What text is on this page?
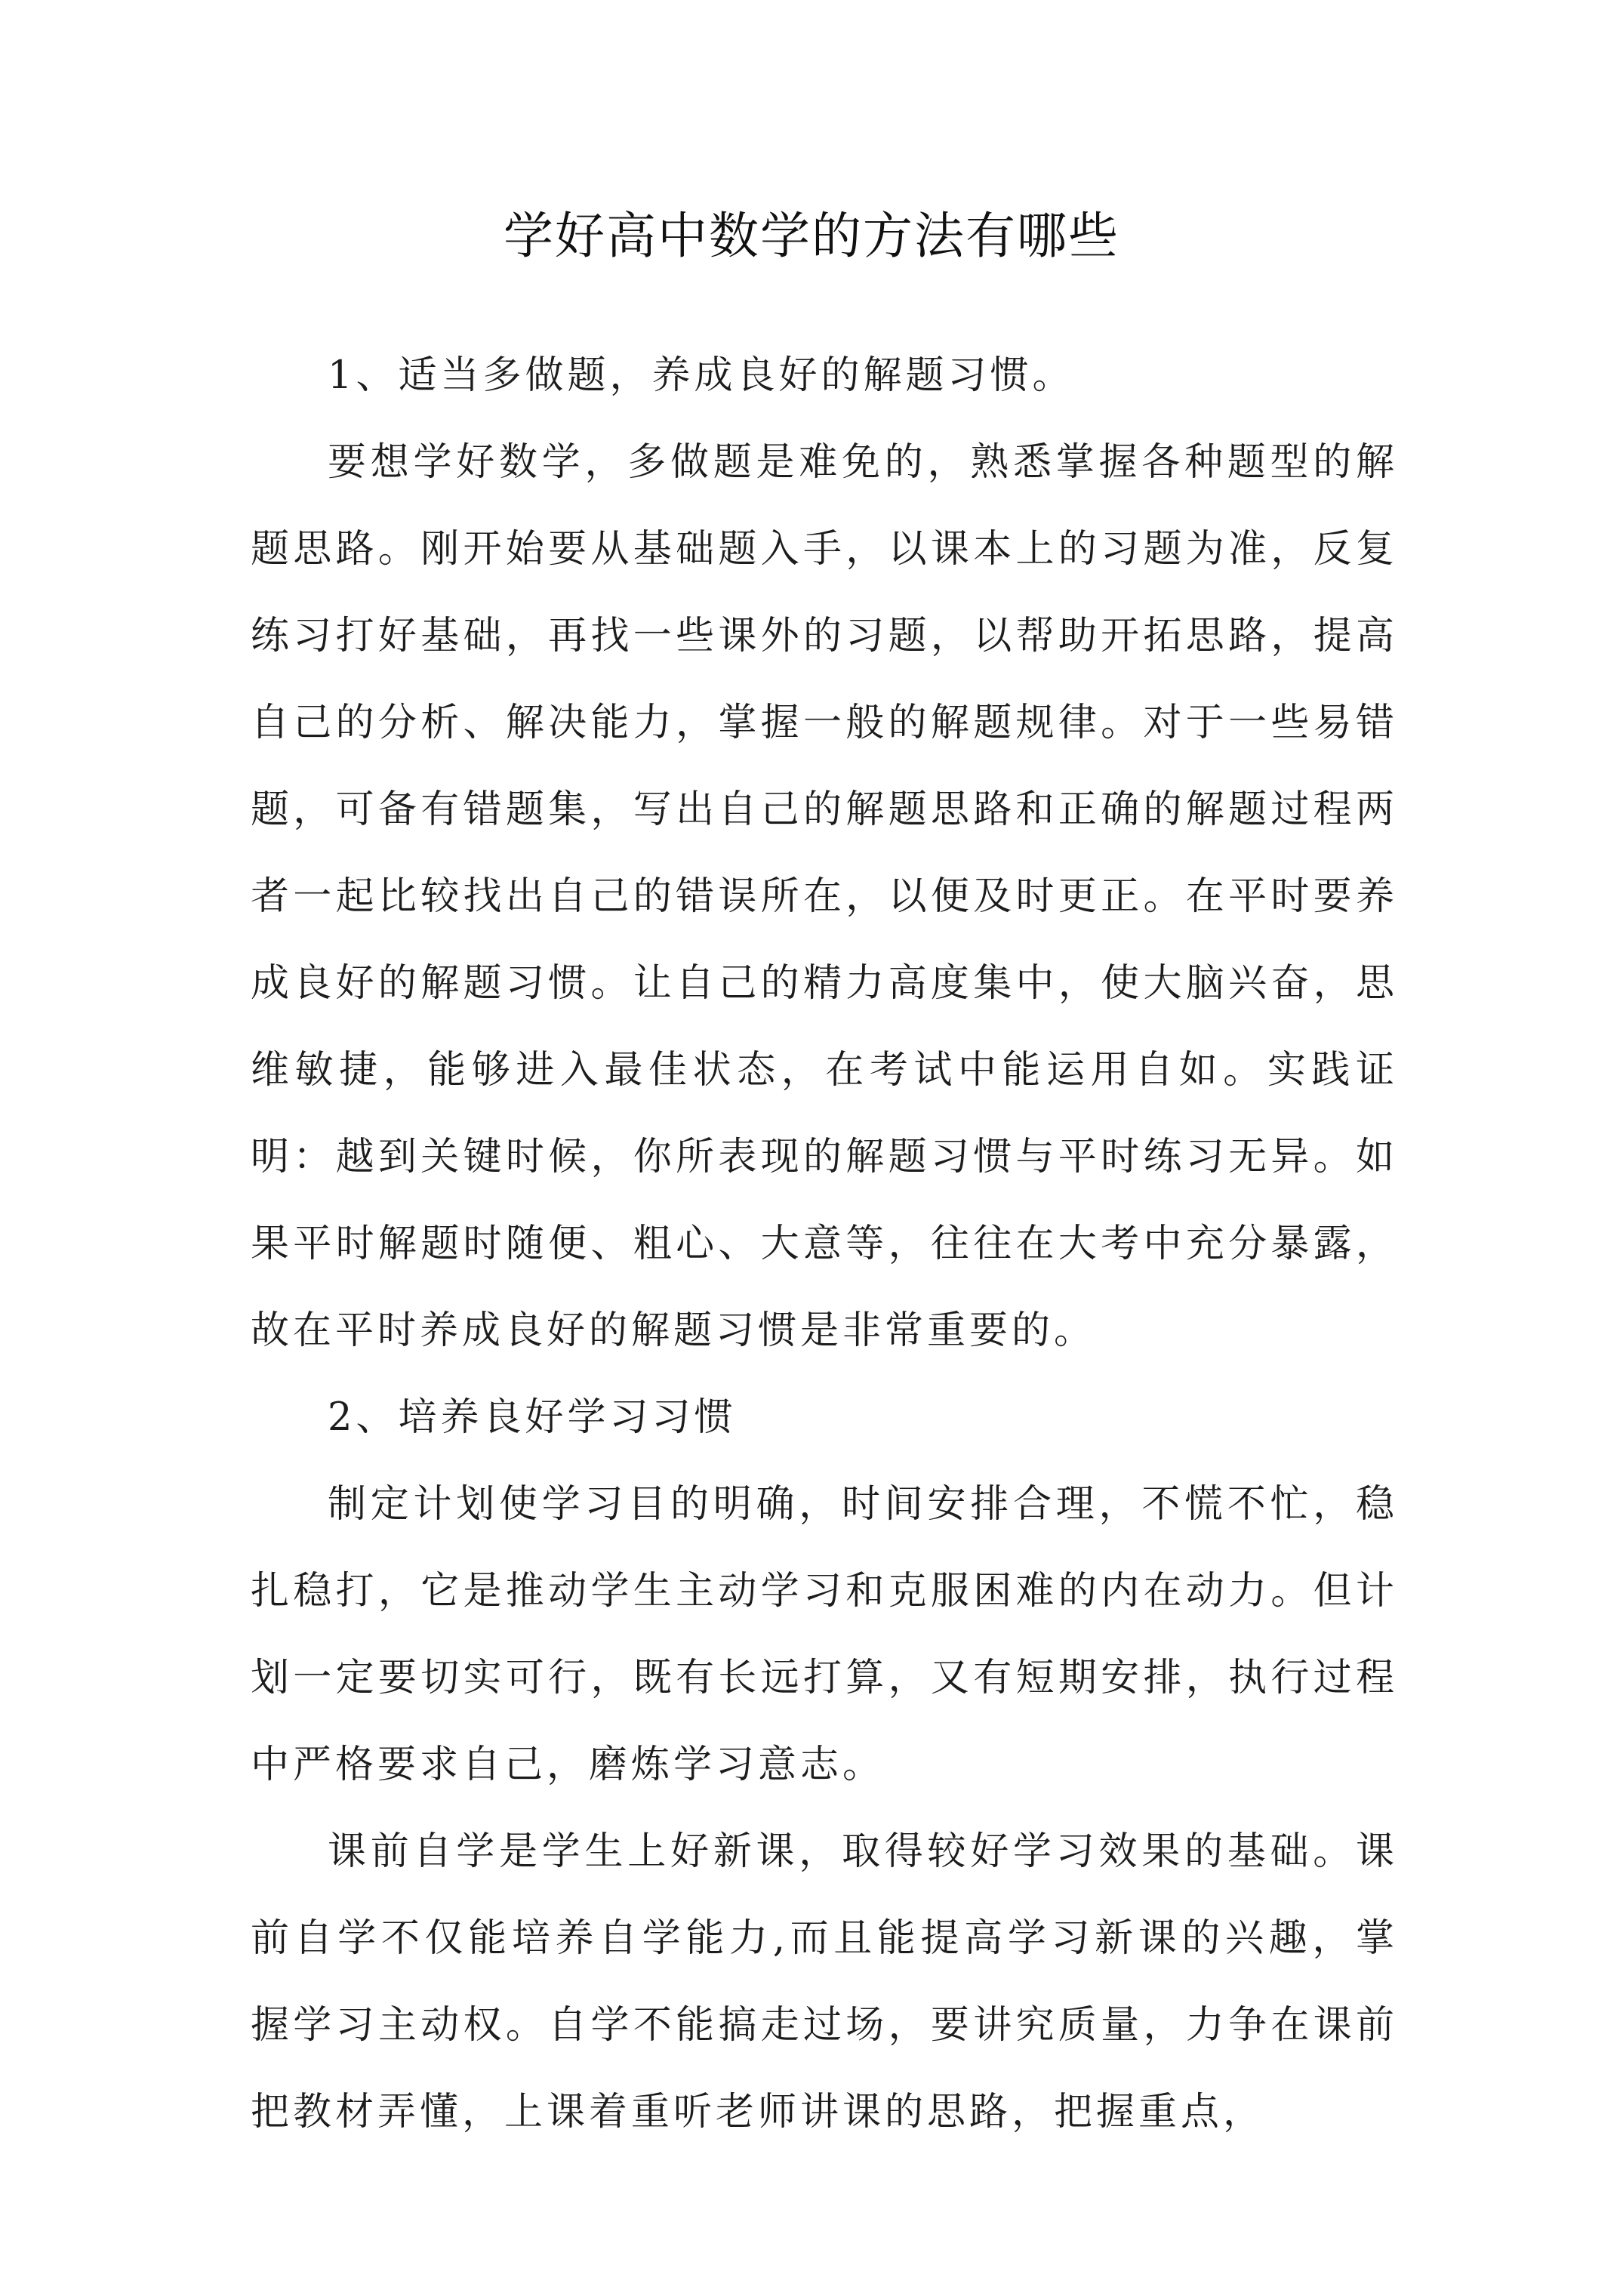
学好高中数学的方法有哪些

1、适当多做题，养成良好的解题习惯。

要想学好数学，多做题是难免的，熟悉掌握各种题型的解题思路。刚开始要从基础题入手，以课本上的习题为准，反复练习打好基础，再找一些课外的习题，以帮助开拓思路，提高自己的分析、解决能力，掌握一般的解题规律。对于一些易错题，可备有错题集，写出自己的解题思路和正确的解题过程两者一起比较找出自己的错误所在，以便及时更正。在平时要养成良好的解题习惯。让自己的精力高度集中，使大脑兴奋，思维敏捷，能够进入最佳状态，在考试中能运用自如。实践证明：越到关键时候，你所表现的解题习惯与平时练习无异。如果平时解题时随便、粗心、大意等，往往在大考中充分暴露，故在平时养成良好的解题习惯是非常重要的。

2、培养良好学习习惯

制定计划使学习目的明确，时间安排合理，不慌不忙，稳扎稳打，它是推动学生主动学习和克服困难的内在动力。但计划一定要切实可行，既有长远打算，又有短期安排，执行过程中严格要求自己，磨炼学习意志。

课前自学是学生上好新课，取得较好学习效果的基础。课前自学不仅能培养自学能力,而且能提高学习新课的兴趣，掌握学习主动权。自学不能搞走过场，要讲究质量，力争在课前把教材弄懂，上课着重听老师讲课的思路，把握重点，
